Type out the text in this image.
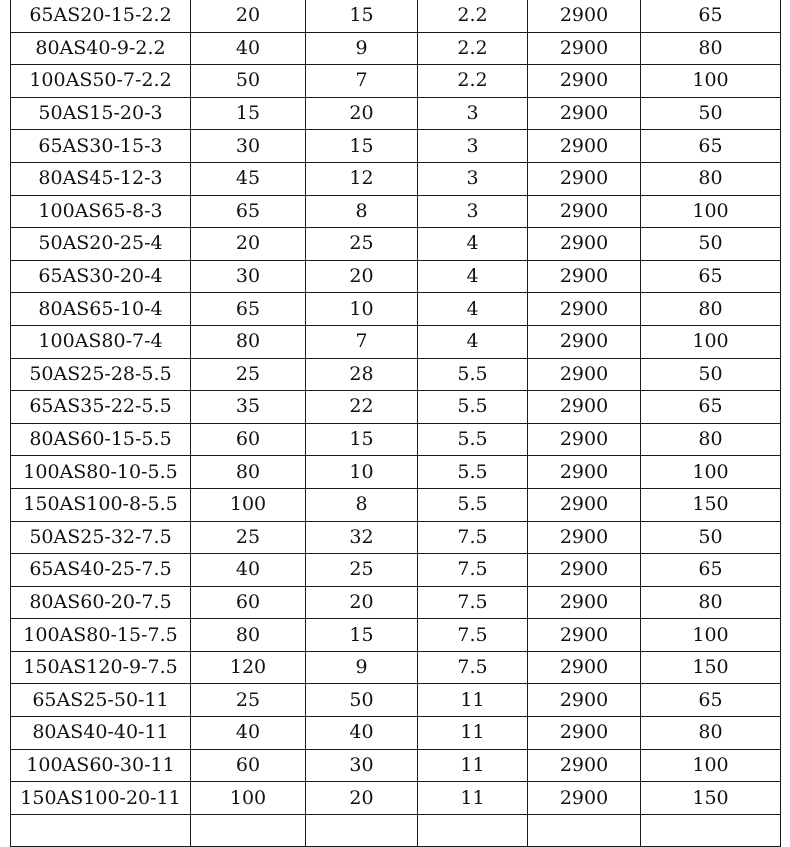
65AS20-15-2.2	20	15	2.2	2900	65
80AS40-9-2.2	40	9	2.2	2900	80
100AS50-7-2.2	50	7	2.2	2900	100
50AS15-20-3	15	20	3	2900	50
65AS30-15-3	30	15	3	2900	65
80AS45-12-3	45	12	3	2900	80
100AS65-8-3	65	8	3	2900	100
50AS20-25-4	20	25	4	2900	50
65AS30-20-4	30	20	4	2900	65
80AS65-10-4	65	10	4	2900	80
100AS80-7-4	80	7	4	2900	100
50AS25-28-5.5	25	28	5.5	2900	50
65AS35-22-5.5	35	22	5.5	2900	65
80AS60-15-5.5	60	15	5.5	2900	80
100AS80-10-5.5	80	10	5.5	2900	100
150AS100-8-5.5	100	8	5.5	2900	150
50AS25-32-7.5	25	32	7.5	2900	50
65AS40-25-7.5	40	25	7.5	2900	65
80AS60-20-7.5	60	20	7.5	2900	80
100AS80-15-7.5	80	15	7.5	2900	100
150AS120-9-7.5	120	9	7.5	2900	150
65AS25-50-11	25	50	11	2900	65
80AS40-40-11	40	40	11	2900	80
100AS60-30-11	60	30	11	2900	100
150AS100-20-11	100	20	11	2900	150
